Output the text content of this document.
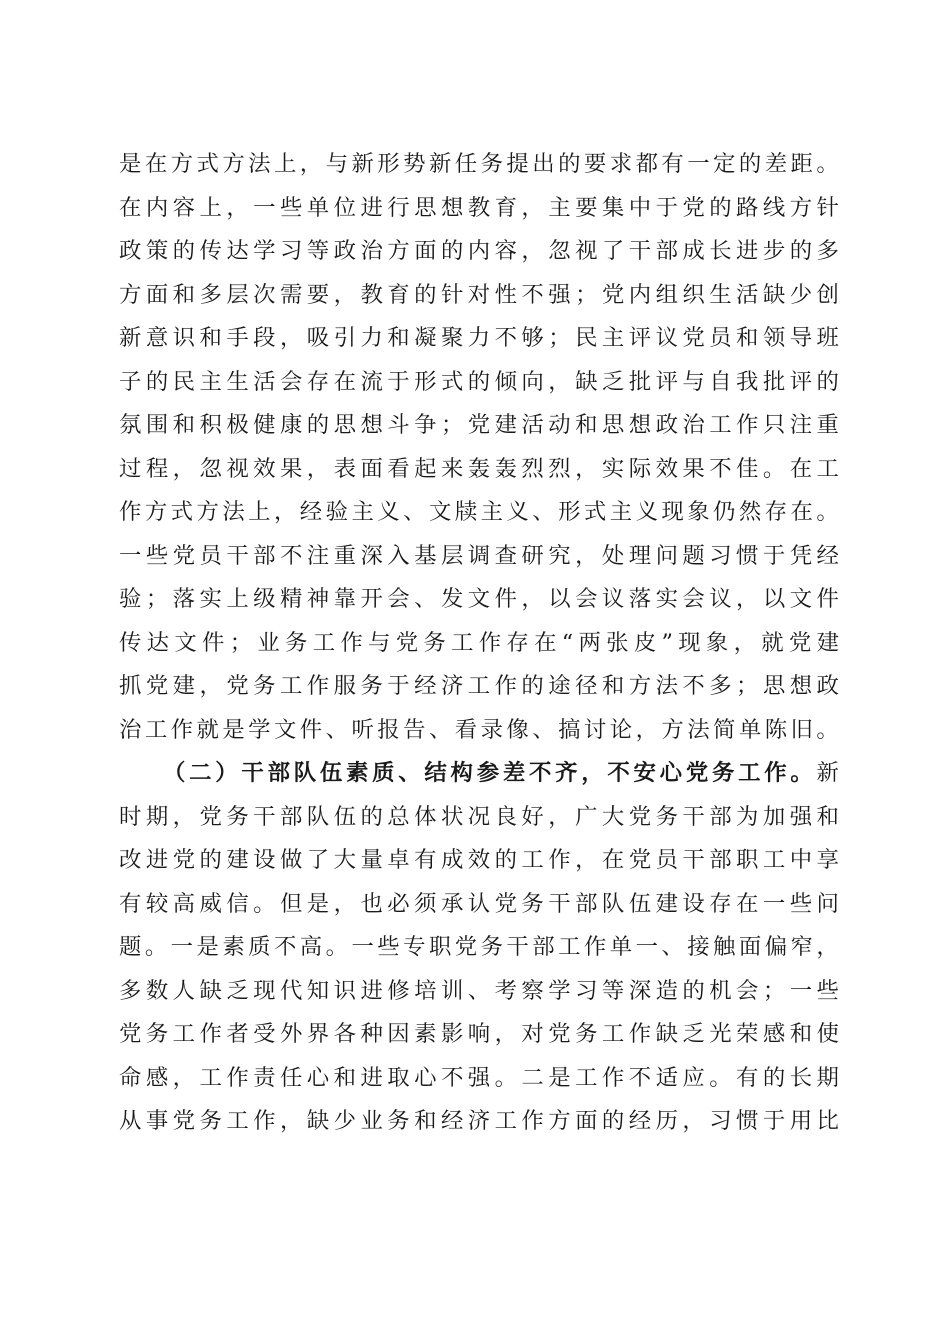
是 在 方 式 方 法 上 ， 与 新 形 势 新 任 务 提 出 的 要 求 都 有 一 定 的 差 距 。
在 内 容 上 ， 一 些 单 位 进 行 思 想 教 育 ， 主 要 集 中 于 党 的 路 线 方 针
政 策 的 传 达 学 习 等 政 治 方 面 的 内 容 ， 忽 视 了 干 部 成 长 进 步 的 多
方 面 和 多 层 次 需 要 ， 教 育 的 针 对 性 不 强 ； 党 内 组 织 生 活 缺 少 创
新 意 识 和 手 段 ， 吸 引 力 和 凝 聚 力 不 够 ； 民 主 评 议 党 员 和 领 导 班
子 的 民 主 生 活 会 存 在 流 于 形 式 的 倾 向 ， 缺 乏 批 评 与 自 我 批 评 的
氛 围 和 积 极 健 康 的 思 想 斗 争 ； 党 建 活 动 和 思 想 政 治 工 作 只 注 重
过 程 ， 忽 视 效 果 ， 表 面 看 起 来 轰 轰 烈 烈 ， 实 际 效 果 不 佳 。 在 工
作 方 式 方 法 上 ， 经 验 主 义 、 文 牍 主 义 、 形 式 主 义 现 象 仍 然 存 在 。
一 些 党 员 干 部 不 注 重 深 入 基 层 调 查 研 究 ， 处 理 问 题 习 惯 于 凭 经
验 ； 落 实 上 级 精 神 靠 开 会 、 发 文 件 ， 以 会 议 落 实 会 议 ， 以 文 件
传 达 文 件 ； 业 务 工 作 与 党 务 工 作 存 在 “ 两 张 皮 ” 现 象 ， 就 党 建
抓 党 建 ， 党 务 工 作 服 务 于 经 济 工 作 的 途 径 和 方 法 不 多 ； 思 想 政
治 工 作 就 是 学 文 件 、 听 报 告 、 看 录 像 、 搞 讨 论 ， 方 法 简 单 陈 旧 。
（ 二 ） 干 部 队 伍 素 质 、 结 构 参 差 不 齐 ， 不 安 心 党 务 工 作 。 新
时 期 ， 党 务 干 部 队 伍 的 总 体 状 况 良 好 ， 广 大 党 务 干 部 为 加 强 和
改 进 党 的 建 设 做 了 大 量 卓 有 成 效 的 工 作 ， 在 党 员 干 部 职 工 中 享
有 较 高 威 信 。 但 是 ， 也 必 须 承 认 党 务 干 部 队 伍 建 设 存 在 一 些 问
题 。 一 是 素 质 不 高 。 一 些 专 职 党 务 干 部 工 作 单 一 、 接 触 面 偏 窄 ，
多 数 人 缺 乏 现 代 知 识 进 修 培 训 、 考 察 学 习 等 深 造 的 机 会 ； 一 些
党 务 工 作 者 受 外 界 各 种 因 素 影 响 ， 对 党 务 工 作 缺 乏 光 荣 感 和 使
命 感 ， 工 作 责 任 心 和 进 取 心 不 强 。 二 是 工 作 不 适 应 。 有 的 长 期
从 事 党 务 工 作 ， 缺 少 业 务 和 经 济 工 作 方 面 的 经 历 ， 习 惯 于 用 比
